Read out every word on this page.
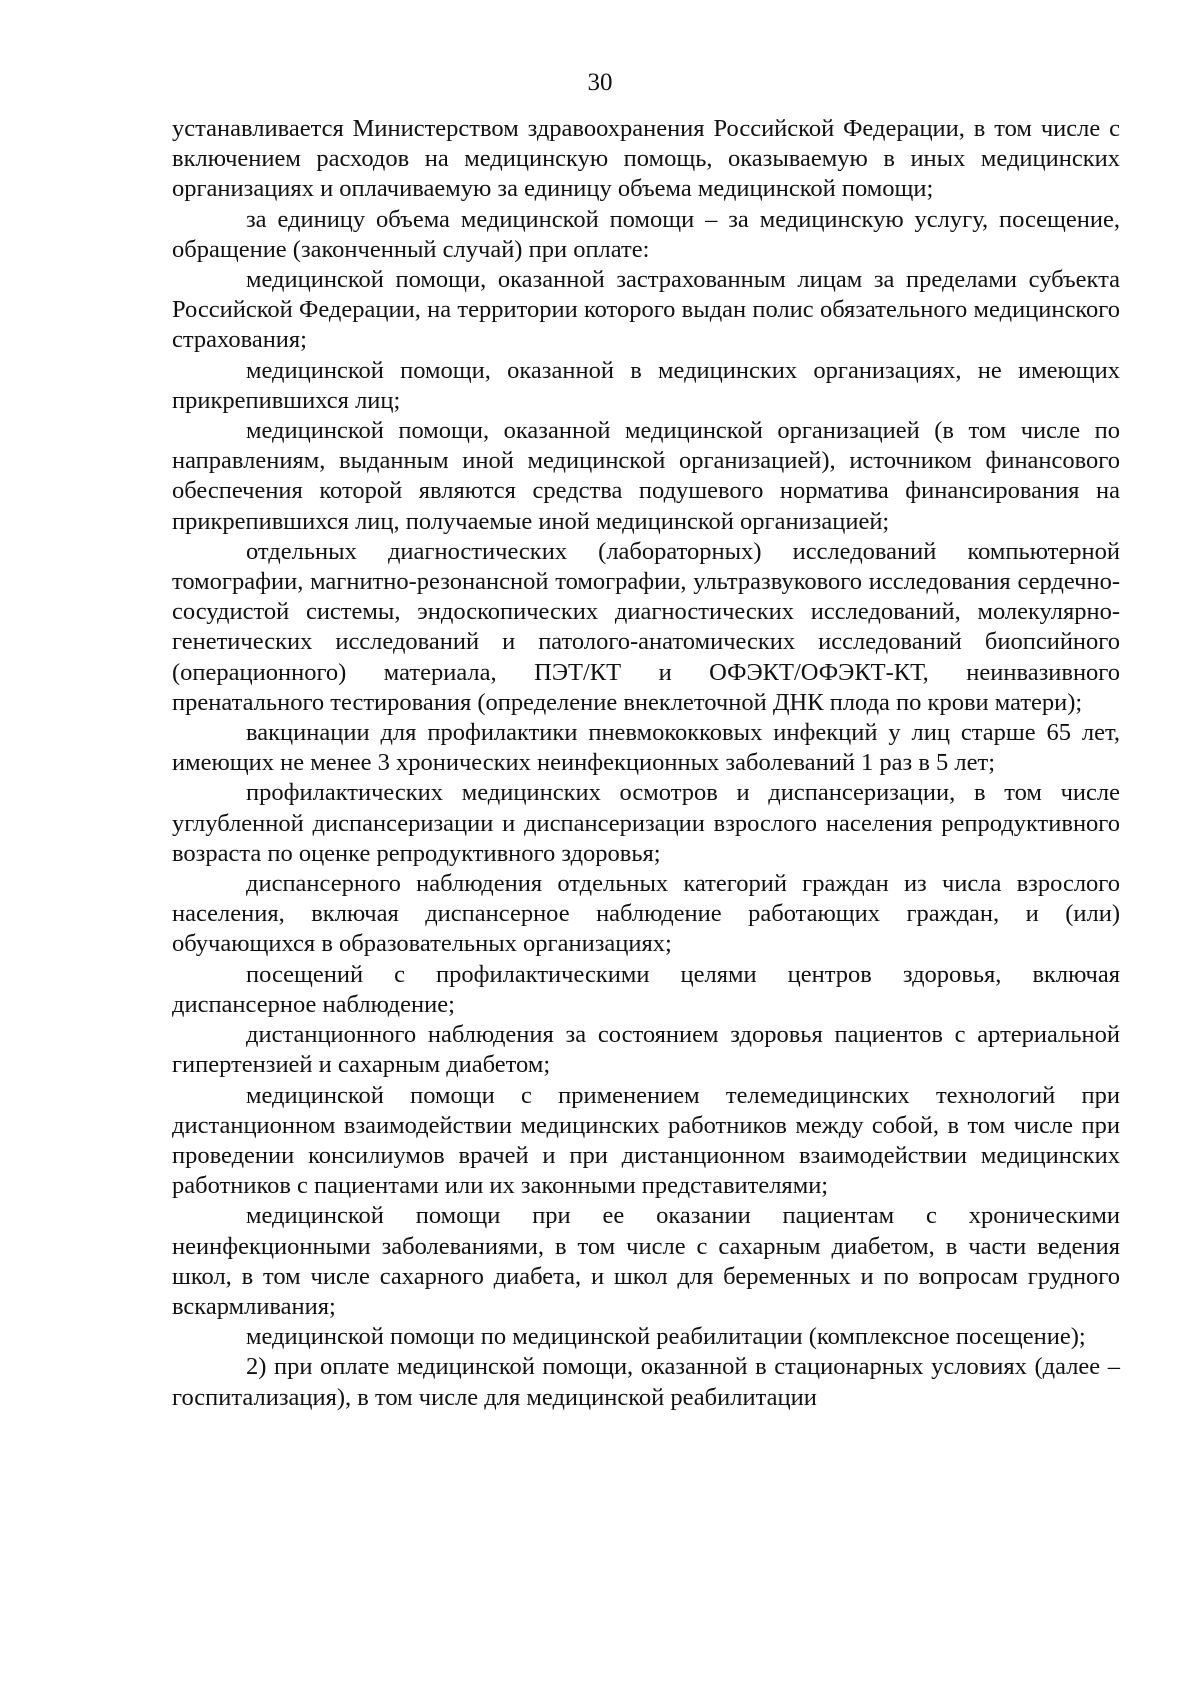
30

устанавливается Министерством здравоохранения Российской Федерации, в том числе с включением расходов на медицинскую помощь, оказываемую в иных медицинских организациях и оплачиваемую за единицу объема медицинской помощи;

за единицу объема медицинской помощи – за медицинскую услугу, посещение, обращение (законченный случай) при оплате:

медицинской помощи, оказанной застрахованным лицам за пределами субъекта Российской Федерации, на территории которого выдан полис обязательного медицинского страхования;

медицинской помощи, оказанной в медицинских организациях, не имеющих прикрепившихся лиц;

медицинской помощи, оказанной медицинской организацией (в том числе по направлениям, выданным иной медицинской организацией), источником финансового обеспечения которой являются средства подушевого норматива финансирования на прикрепившихся лиц, получаемые иной медицинской организацией;

отдельных диагностических (лабораторных) исследований компьютерной томографии, магнитно-резонансной томографии, ультразвукового исследования сердечно-сосудистой системы, эндоскопических диагностических исследований, молекулярно-генетических исследований и патолого-анатомических исследований биопсийного (операционного) материала, ПЭТ/КТ и ОФЭКТ/ОФЭКТ-КТ, неинвазивного пренатального тестирования (определение внеклеточной ДНК плода по крови матери);

вакцинации для профилактики пневмококковых инфекций у лиц старше 65 лет, имеющих не менее 3 хронических неинфекционных заболеваний 1 раз в 5 лет;

профилактических медицинских осмотров и диспансеризации, в том числе углубленной диспансеризации и диспансеризации взрослого населения репродуктивного возраста по оценке репродуктивного здоровья;

диспансерного наблюдения отдельных категорий граждан из числа взрослого населения, включая диспансерное наблюдение работающих граждан, и (или) обучающихся в образовательных организациях;

посещений с профилактическими целями центров здоровья, включая диспансерное наблюдение;

дистанционного наблюдения за состоянием здоровья пациентов с артериальной гипертензией и сахарным диабетом;

медицинской помощи с применением телемедицинских технологий при дистанционном взаимодействии медицинских работников между собой, в том числе при проведении консилиумов врачей и при дистанционном взаимодействии медицинских работников с пациентами или их законными представителями;

медицинской помощи при ее оказании пациентам с хроническими неинфекционными заболеваниями, в том числе с сахарным диабетом, в части ведения школ, в том числе сахарного диабета, и школ для беременных и по вопросам грудного вскармливания;

медицинской помощи по медицинской реабилитации (комплексное посещение);

2) при оплате медицинской помощи, оказанной в стационарных условиях (далее – госпитализация), в том числе для медицинской реабилитации
